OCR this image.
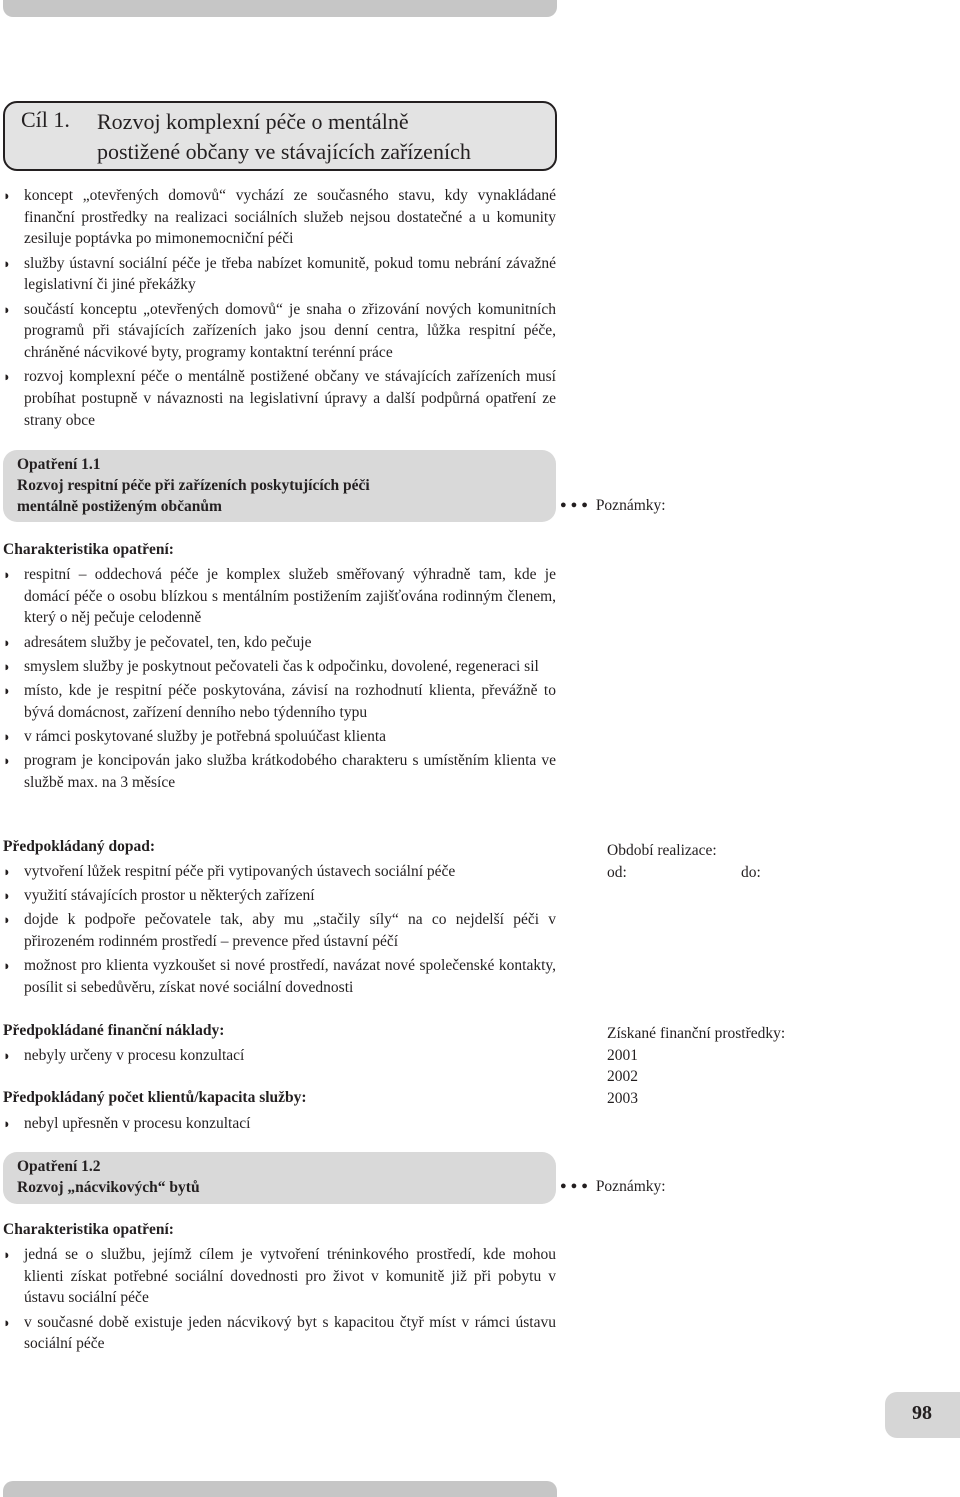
Cíl 1. Rozvoj komplexní péče o mentálně
postižené občany ve stávajících zařízeních
◗ koncept „otevřených domovů“ vychází ze současného stavu, kdy vynakládané finanční prostředky na realizaci sociálních služeb nejsou dostatečné a u komunity zesiluje poptávka po mimonemocniční péči
◗ služby ústavní sociální péče je třeba nabízet komunitě, pokud tomu nebrání závažné legislativní či jiné překážky
◗ součástí konceptu „otevřených domovů“ je snaha o zřizování nových komunitních programů při stávajících zařízeních jako jsou denní centra, lůžka respitní péče, chráněné nácvikové byty, programy kontaktní terénní práce
◗ rozvoj komplexní péče o mentálně postižené občany ve stávajících zařízeních musí probíhat postupně v návaznosti na legislativní úpravy a další podpůrná opatření ze strany obce
Opatření 1.1
Rozvoj respitní péče při zařízeních poskytujících péči
mentálně postiženým občanům	●●● Poznámky:
Charakteristika opatření:
◗ respitní – oddechová péče je komplex služeb směřovaný výhradně tam, kde je domácí péče o osobu blízkou s mentálním postižením zajišťována rodinným členem, který o něj pečuje celodenně
◗ adresátem služby je pečovatel, ten, kdo pečuje
◗ smyslem služby je poskytnout pečovateli čas k odpočinku, dovolené, regeneraci sil
◗ místo, kde je respitní péče poskytována, závisí na rozhodnutí klienta, převážně to bývá domácnost, zařízení denního nebo týdenního typu
◗ v rámci poskytované služby je potřebná spoluúčast klienta
◗ program je koncipován jako služba krátkodobého charakteru s umístěním klienta ve službě max. na 3 měsíce
Předpokládaný dopad:
◗ vytvoření lůžek respitní péče při vytipovaných ústavech sociální péče
◗ využití stávajících prostor u některých zařízení
◗ dojde k podpoře pečovatele tak, aby mu „stačily síly“ na co nejdelší péči v přirozeném rodinném prostředí – prevence před ústavní péčí
◗ možnost pro klienta vyzkoušet si nové prostředí, navázat nové společenské kontakty, posílit si sebedůvěru, získat nové sociální dovednosti
Období realizace:
od:	do:
Předpokládané finanční náklady:
◗ nebyly určeny v procesu konzultací
Získané finanční prostředky:
2001
2002
2003
Předpokládaný počet klientů/kapacita služby:
◗ nebyl upřesněn v procesu konzultací
Opatření 1.2
Rozvoj „nácvikových“ bytů	●●● Poznámky:
Charakteristika opatření:
◗ jedná se o službu, jejímž cílem je vytvoření tréninkového prostředí, kde mohou klienti získat potřebné sociální dovednosti pro život v komunitě již při pobytu v ústavu sociální péče
◗ v současné době existuje jeden nácvikový byt s kapacitou čtyř míst v rámci ústavu sociální péče
98
